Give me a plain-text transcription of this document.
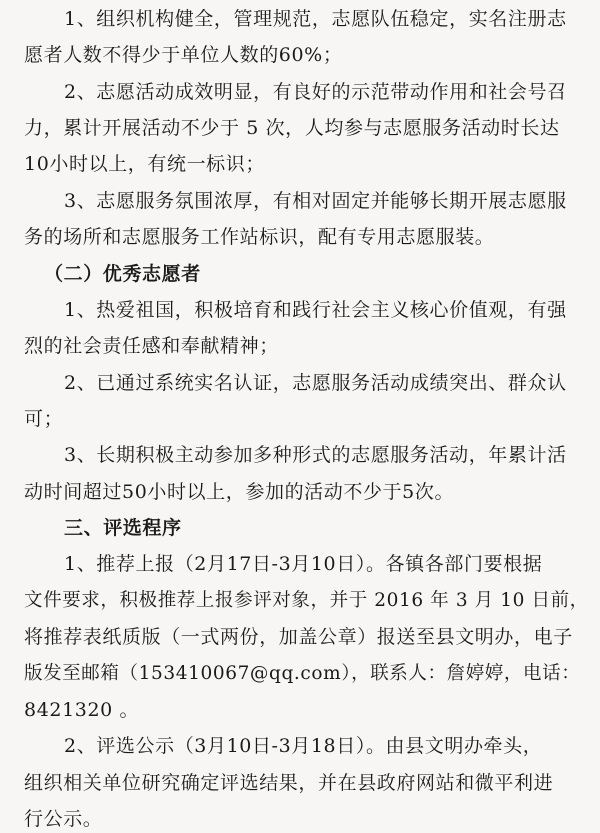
1、组织机构健全，管理规范，志愿队伍稳定，实名注册志
愿者人数不得少于单位人数的60%；
2、志愿活动成效明显，有良好的示范带动作用和社会号召
力，累计开展活动不少于 5 次，人均参与志愿服务活动时长达
10小时以上，有统一标识；
3、志愿服务氛围浓厚，有相对固定并能够长期开展志愿服
务的场所和志愿服务工作站标识，配有专用志愿服装。
（二）优秀志愿者
1、热爱祖国，积极培育和践行社会主义核心价值观，有强
烈的社会责任感和奉献精神；
2、已通过系统实名认证，志愿服务活动成绩突出、群众认
可；
3、长期积极主动参加多种形式的志愿服务活动，年累计活
动时间超过50小时以上，参加的活动不少于5次。
三、评选程序
1、推荐上报（2月17日-3月10日）。各镇各部门要根据
文件要求，积极推荐上报参评对象，并于 2016 年 3 月 10 日前，
将推荐表纸质版（一式两份，加盖公章）报送至县文明办，电子
版发至邮箱（153410067@qq.com），联系人：詹婷婷，电话：
8421320 。
2、评选公示（3月10日-3月18日）。由县文明办牵头，
组织相关单位研究确定评选结果，并在县政府网站和微平利进
行公示。
